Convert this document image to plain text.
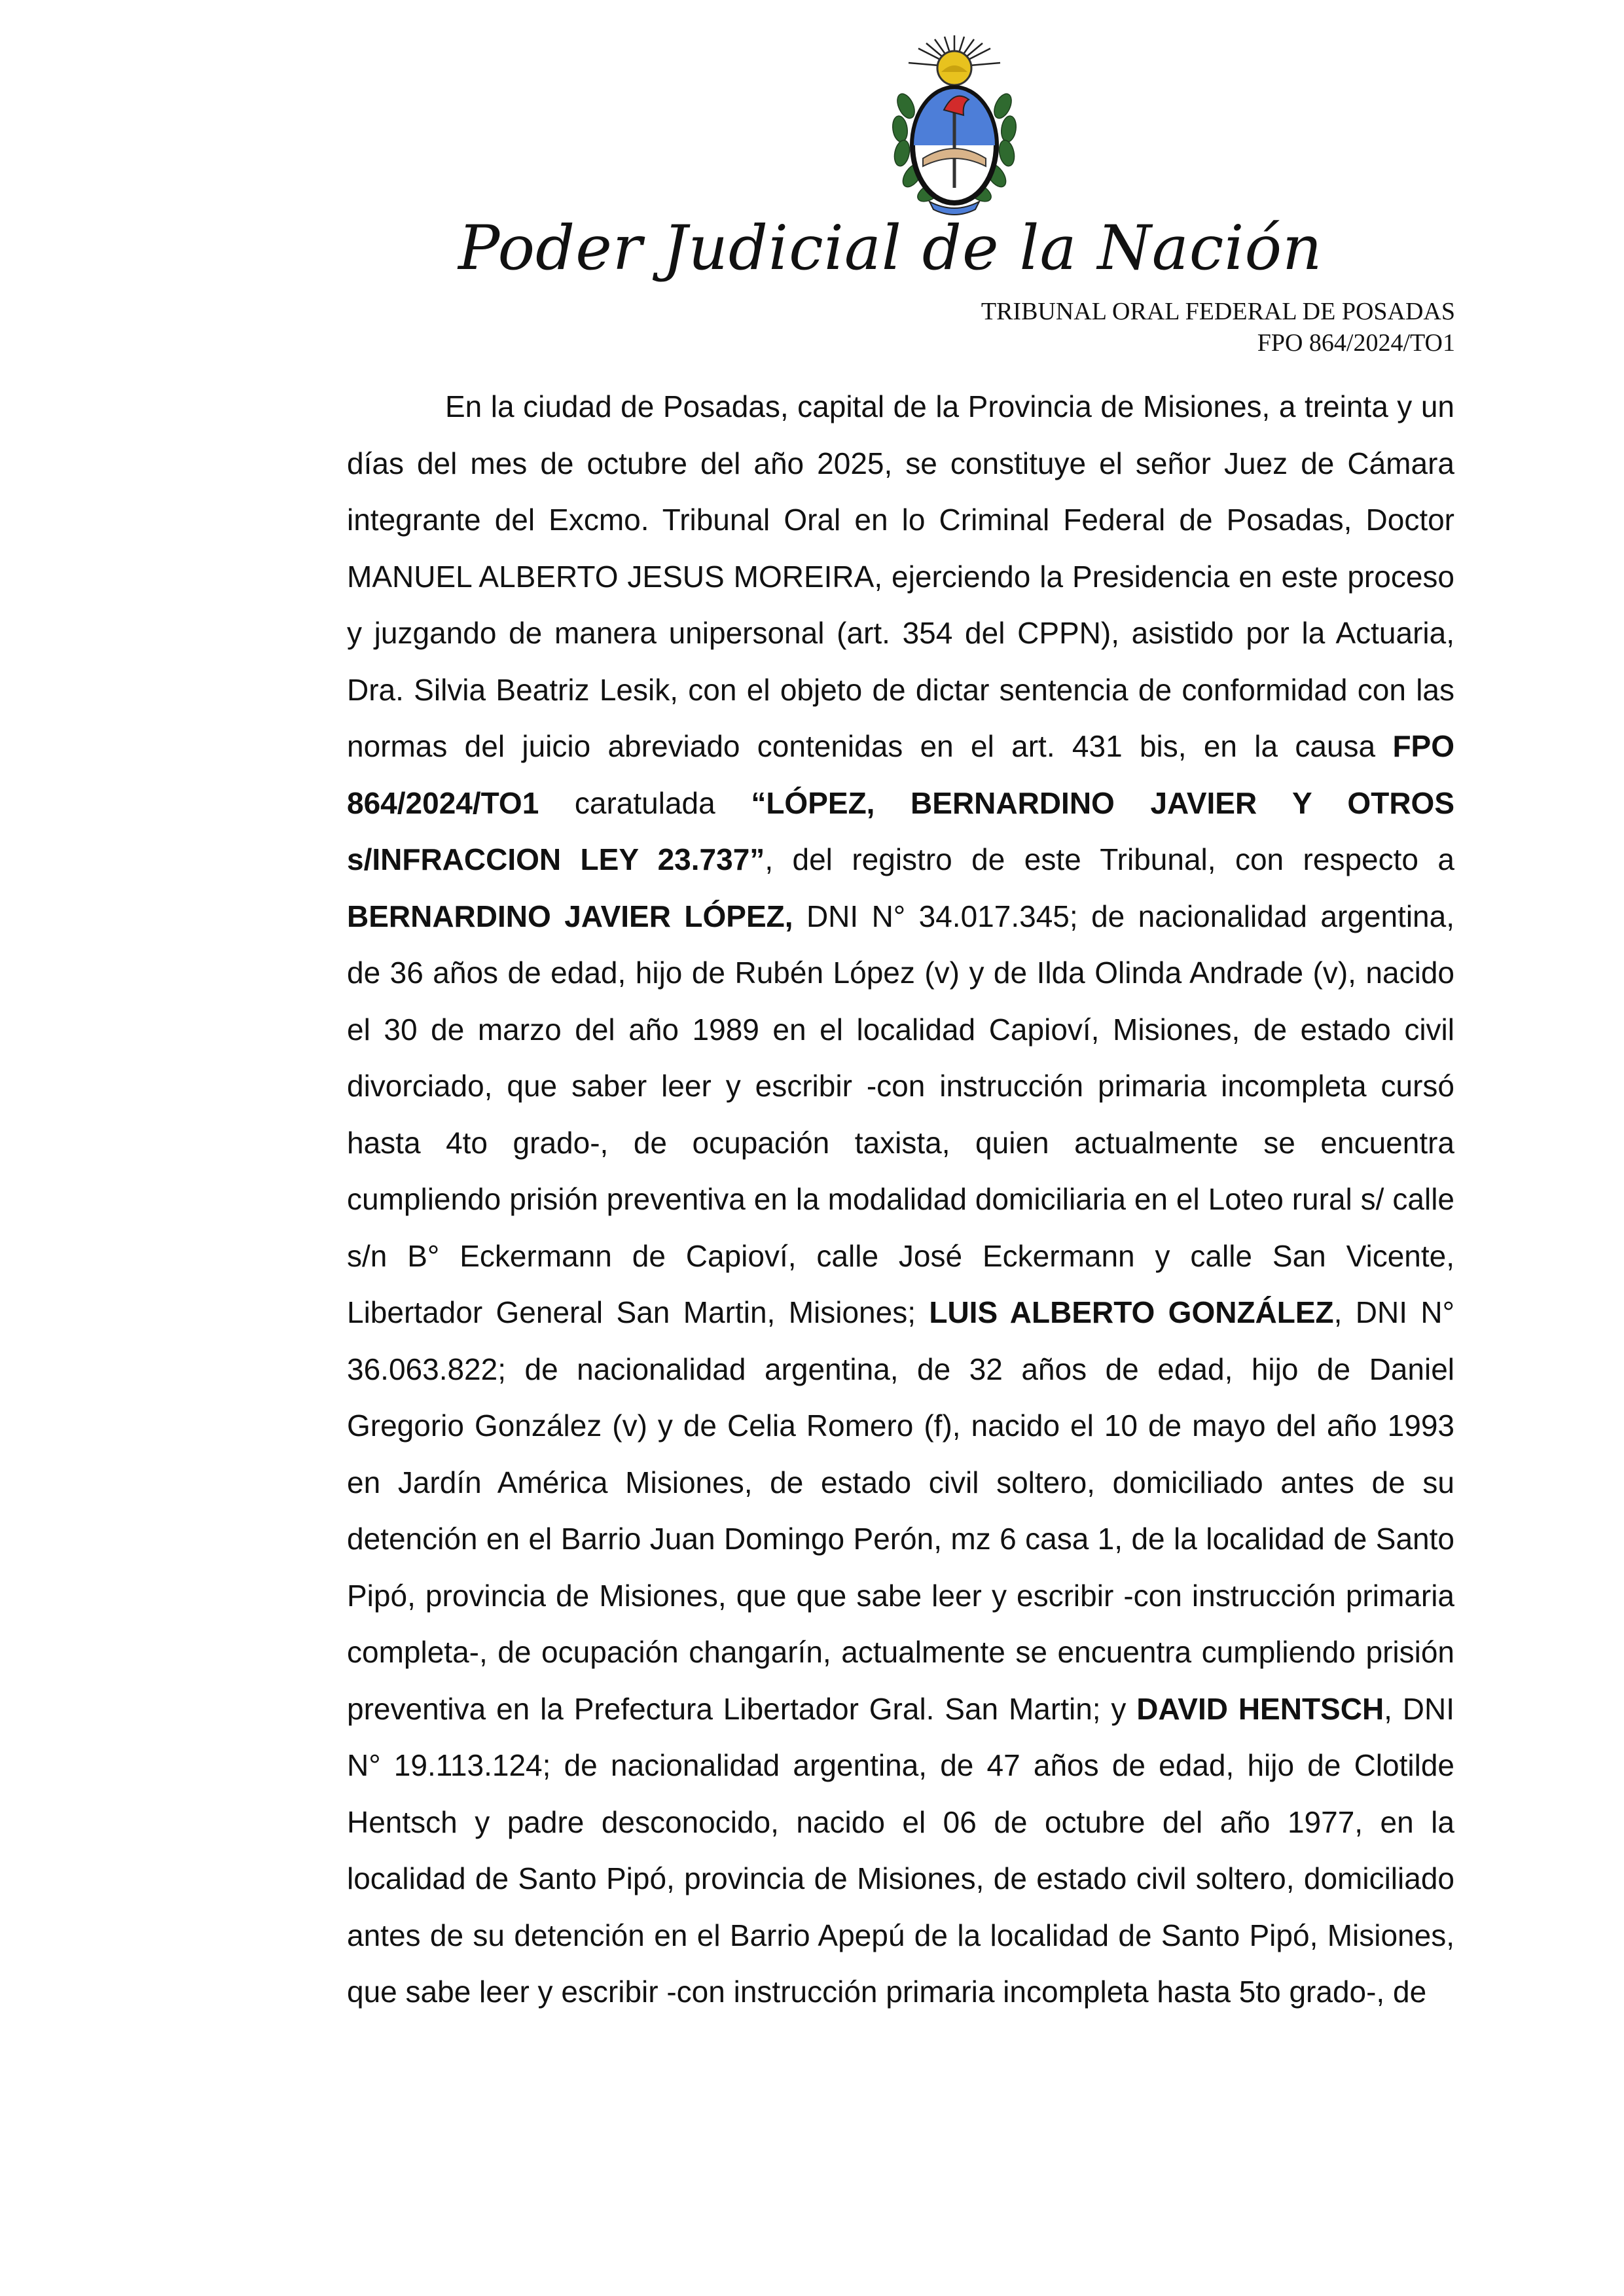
Poder Judicial de la Nación
TRIBUNAL ORAL FEDERAL DE POSADAS
FPO 864/2024/TO1

En la ciudad de Posadas, capital de la Provincia de Misiones, a treinta y un días del mes de octubre del año 2025, se constituye el señor Juez de Cámara integrante del Excmo. Tribunal Oral en lo Criminal Federal de Posadas, Doctor MANUEL ALBERTO JESUS MOREIRA, ejerciendo la Presidencia en este proceso y juzgando de manera unipersonal (art. 354 del CPPN), asistido por la Actuaria, Dra. Silvia Beatriz Lesik, con el objeto de dictar sentencia de conformidad con las normas del juicio abreviado contenidas en el art. 431 bis, en la causa FPO 864/2024/TO1 caratulada “LÓPEZ, BERNARDINO JAVIER Y OTROS s/INFRACCION LEY 23.737”, del registro de este Tribunal, con respecto a BERNARDINO JAVIER LÓPEZ, DNI N° 34.017.345; de nacionalidad argentina, de 36 años de edad, hijo de Rubén López (v) y de Ilda Olinda Andrade (v), nacido el 30 de marzo del año 1989 en el localidad Capioví, Misiones, de estado civil divorciado, que saber leer y escribir -con instrucción primaria incompleta cursó hasta 4to grado-, de ocupación taxista, quien actualmente se encuentra cumpliendo prisión preventiva en la modalidad domiciliaria en el Loteo rural s/ calle s/n B° Eckermann de Capioví, calle José Eckermann y calle San Vicente, Libertador General San Martin, Misiones; LUIS ALBERTO GONZÁLEZ, DNI N° 36.063.822; de nacionalidad argentina, de 32 años de edad, hijo de Daniel Gregorio González (v) y de Celia Romero (f), nacido el 10 de mayo del año 1993 en Jardín América Misiones, de estado civil soltero, domiciliado antes de su detención en el Barrio Juan Domingo Perón, mz 6 casa 1, de la localidad de Santo Pipó, provincia de Misiones, que que sabe leer y escribir -con instrucción primaria completa-, de ocupación changarín, actualmente se encuentra cumpliendo prisión preventiva en la Prefectura Libertador Gral. San Martin; y DAVID HENTSCH, DNI N° 19.113.124; de nacionalidad argentina, de 47 años de edad, hijo de Clotilde Hentsch y padre desconocido, nacido el 06 de octubre del año 1977, en la localidad de Santo Pipó, provincia de Misiones, de estado civil soltero, domiciliado antes de su detención en el Barrio Apepú de la localidad de Santo Pipó, Misiones, que sabe leer y escribir -con instrucción primaria incompleta hasta 5to grado-, de
